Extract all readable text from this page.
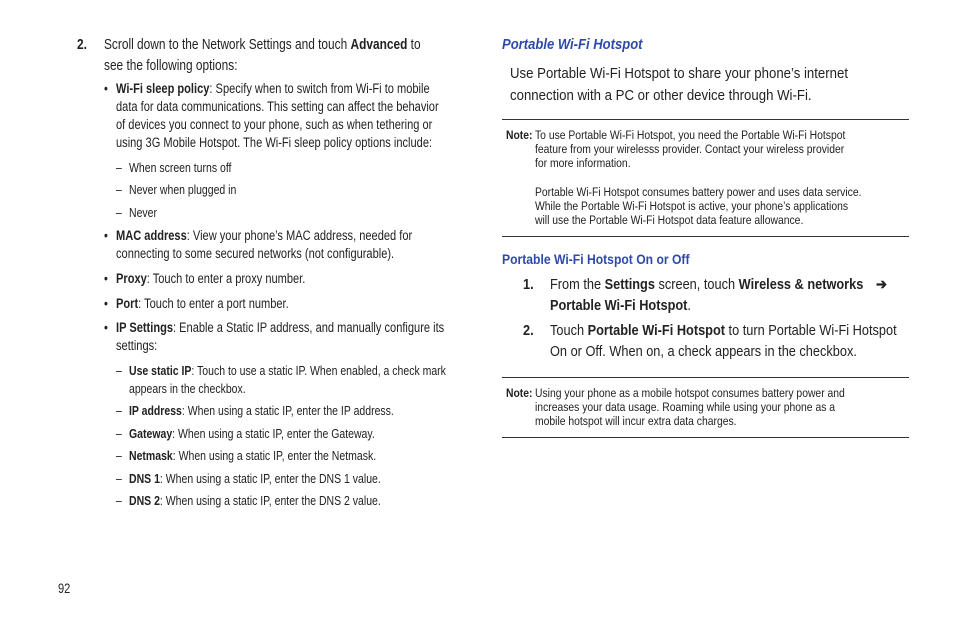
2. Scroll down to the Network Settings and touch Advanced to
see the following options:
• Wi-Fi sleep policy: Specify when to switch from Wi-Fi to mobile
data for data communications. This setting can affect the behavior
of devices you connect to your phone, such as when tethering or
using 3G Mobile Hotspot. The Wi-Fi sleep policy options include:
– When screen turns off
– Never when plugged in
– Never
• MAC address: View your phone’s MAC address, needed for
connecting to some secured networks (not configurable).
• Proxy: Touch to enter a proxy number.
• Port: Touch to enter a port number.
• IP Settings: Enable a Static IP address, and manually configure its
settings:
– Use static IP: Touch to use a static IP. When enabled, a check mark
appears in the checkbox.
– IP address: When using a static IP, enter the IP address.
– Gateway: When using a static IP, enter the Gateway.
– Netmask: When using a static IP, enter the Netmask.
– DNS 1: When using a static IP, enter the DNS 1 value.
– DNS 2: When using a static IP, enter the DNS 2 value.
92
Portable Wi-Fi Hotspot
Use Portable Wi-Fi Hotspot to share your phone’s internet
connection with a PC or other device through Wi-Fi.
Note: To use Portable Wi-Fi Hotspot, you need the Portable Wi-Fi Hotspot
feature from your wirelesss provider. Contact your wireless provider
for more information.
Portable Wi-Fi Hotspot consumes battery power and uses data service.
While the Portable Wi-Fi Hotspot is active, your phone’s applications
will use the Portable Wi-Fi Hotspot data feature allowance.
Portable Wi-Fi Hotspot On or Off
1. From the Settings screen, touch Wireless & networks ➔
Portable Wi-Fi Hotspot.
2. Touch Portable Wi-Fi Hotspot to turn Portable Wi-Fi Hotspot
On or Off. When on, a check appears in the checkbox.
Note: Using your phone as a mobile hotspot consumes battery power and
increases your data usage. Roaming while using your phone as a
mobile hotspot will incur extra data charges.
